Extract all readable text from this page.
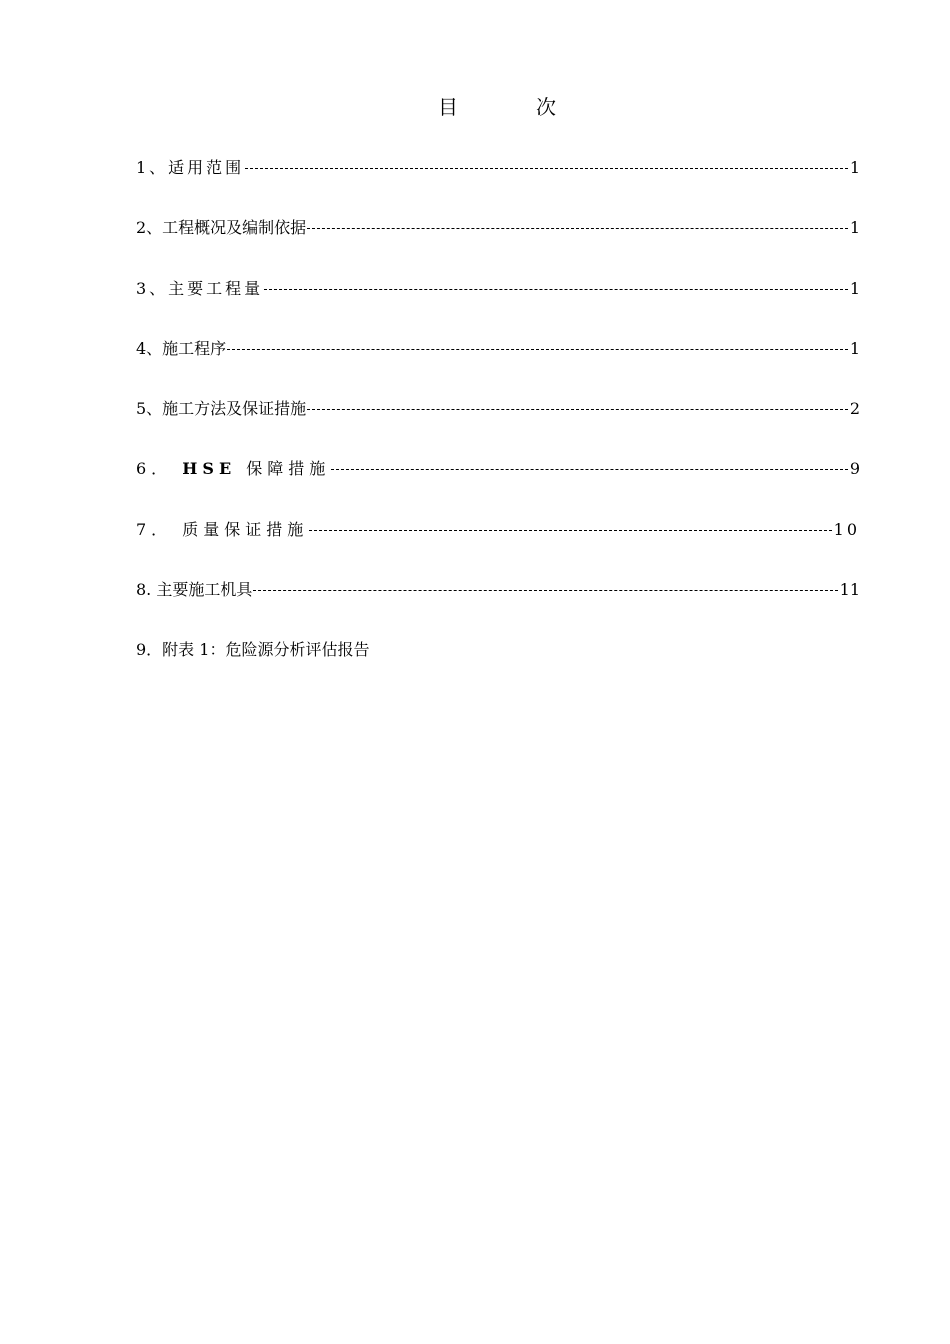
目	次
1、适用范围	1
2、工程概况及编制依据	1
3、主要工程量	1
4、施工程序	1
5、施工方法及保证措施	2
6． HSE 保障措施	9
7． 质量保证措施	10
8. 主要施工机具	11
9．附表 1：危险源分析评估报告
